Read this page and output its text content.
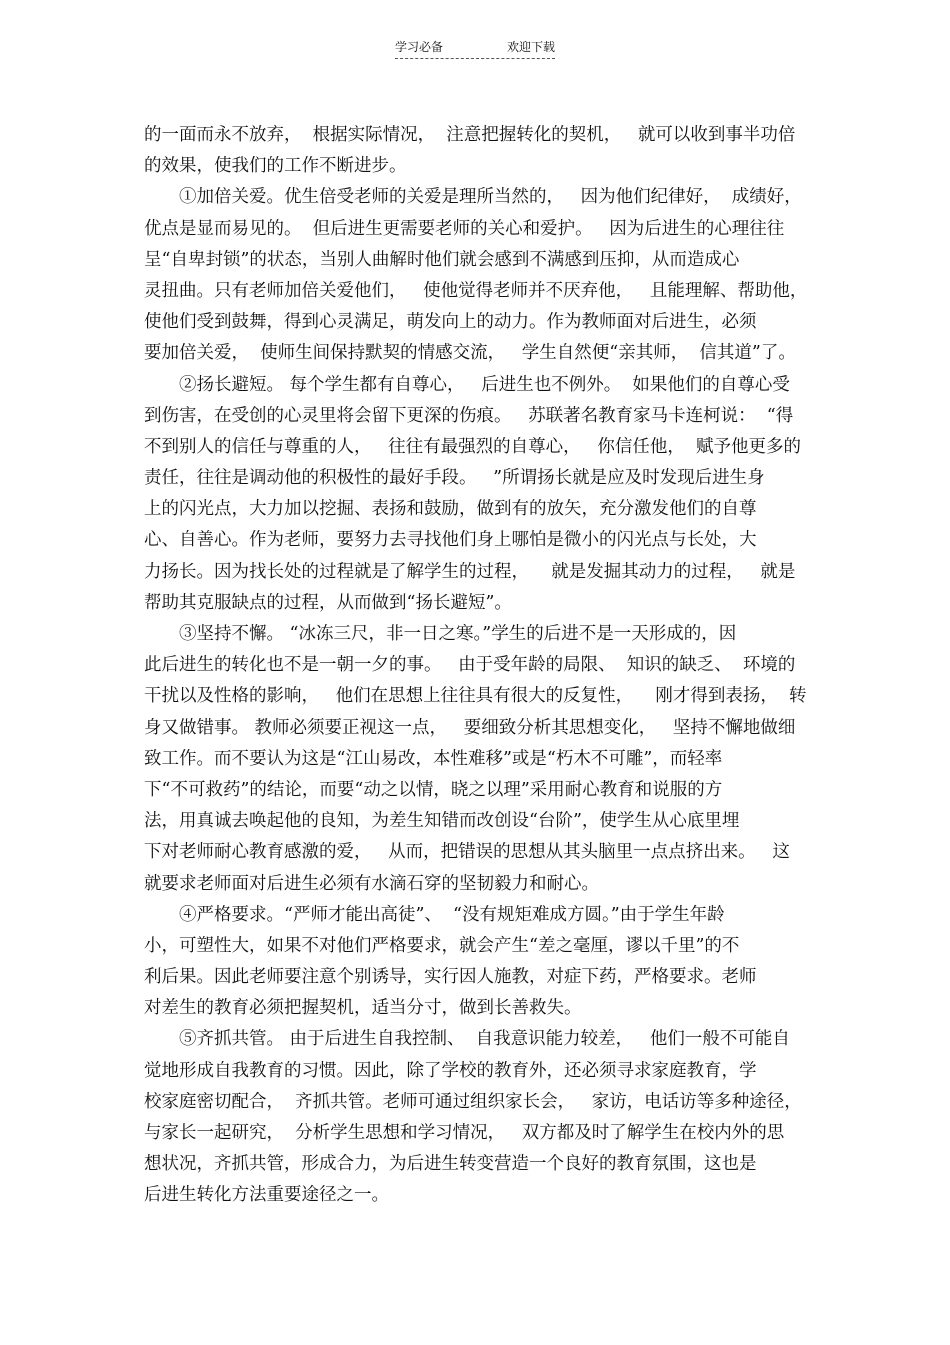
学习必备	欢迎下载
的一面而永不放弃，  根据实际情况，  注意把握转化的契机，   就可以收到事半功倍
的效果，使我们的工作不断进步。
①加倍关爱。优生倍受老师的关爱是理所当然的，   因为他们纪律好，  成绩好，
优点是显而易见的。  但后进生更需要老师的关心和爱护。   因为后进生的心理往往
呈“自卑封锁”的状态，当别人曲解时他们就会感到不满感到压抑，从而造成心
灵扭曲。只有老师加倍关爱他们，   使他觉得老师并不厌弃他，   且能理解、帮助他，
使他们受到鼓舞，得到心灵满足，萌发向上的动力。作为教师面对后进生，必须
要加倍关爱，  使师生间保持默契的情感交流，   学生自然便“亲其师，  信其道”了。
②扬长避短。 每个学生都有自尊心，   后进生也不例外。  如果他们的自尊心受
到伤害，在受创的心灵里将会留下更深的伤痕。   苏联著名教育家马卡连柯说：  “得
不到别人的信任与尊重的人，   往往有最强烈的自尊心，   你信任他，  赋予他更多的
责任，往往是调动他的积极性的最好手段。   ”所谓扬长就是应及时发现后进生身
上的闪光点，大力加以挖掘、表扬和鼓励，做到有的放矢，充分激发他们的自尊
心、自善心。作为老师，要努力去寻找他们身上哪怕是微小的闪光点与长处，大
力扬长。因为找长处的过程就是了解学生的过程，    就是发掘其动力的过程，   就是
帮助其克服缺点的过程，从而做到“扬长避短”。
③坚持不懈。 “冰冻三尺，非一日之寒。”学生的后进不是一天形成的，因
此后进生的转化也不是一朝一夕的事。   由于受年龄的局限、  知识的缺乏、  环境的
干扰以及性格的影响，   他们在思想上往往具有很大的反复性，    刚才得到表扬，  转
身又做错事。 教师必须要正视这一点，   要细致分析其思想变化，   坚持不懈地做细
致工作。而不要认为这是“江山易改，本性难移”或是“朽木不可雕”，而轻率
下“不可救药”的结论，而要“动之以情，晓之以理”采用耐心教育和说服的方
法，用真诚去唤起他的良知，为差生知错而改创设“台阶”，使学生从心底里埋
下对老师耐心教育感激的爱，   从而，把错误的思想从其头脑里一点点挤出来。   这
就要求老师面对后进生必须有水滴石穿的坚韧毅力和耐心。
④严格要求。“严师才能出高徒”、  “没有规矩难成方圆。”由于学生年龄
小，可塑性大，如果不对他们严格要求，就会产生“差之毫厘，谬以千里”的不
利后果。因此老师要注意个别诱导，实行因人施教，对症下药，严格要求。老师
对差生的教育必须把握契机，适当分寸，做到长善救失。
⑤齐抓共管。 由于后进生自我控制、  自我意识能力较差，   他们一般不可能自
觉地形成自我教育的习惯。因此，除了学校的教育外，还必须寻求家庭教育，学
校家庭密切配合，  齐抓共管。老师可通过组织家长会，   家访，电话访等多种途径，
与家长一起研究，  分析学生思想和学习情况，   双方都及时了解学生在校内外的思
想状况，齐抓共管，形成合力，为后进生转变营造一个良好的教育氛围，这也是
后进生转化方法重要途径之一。
